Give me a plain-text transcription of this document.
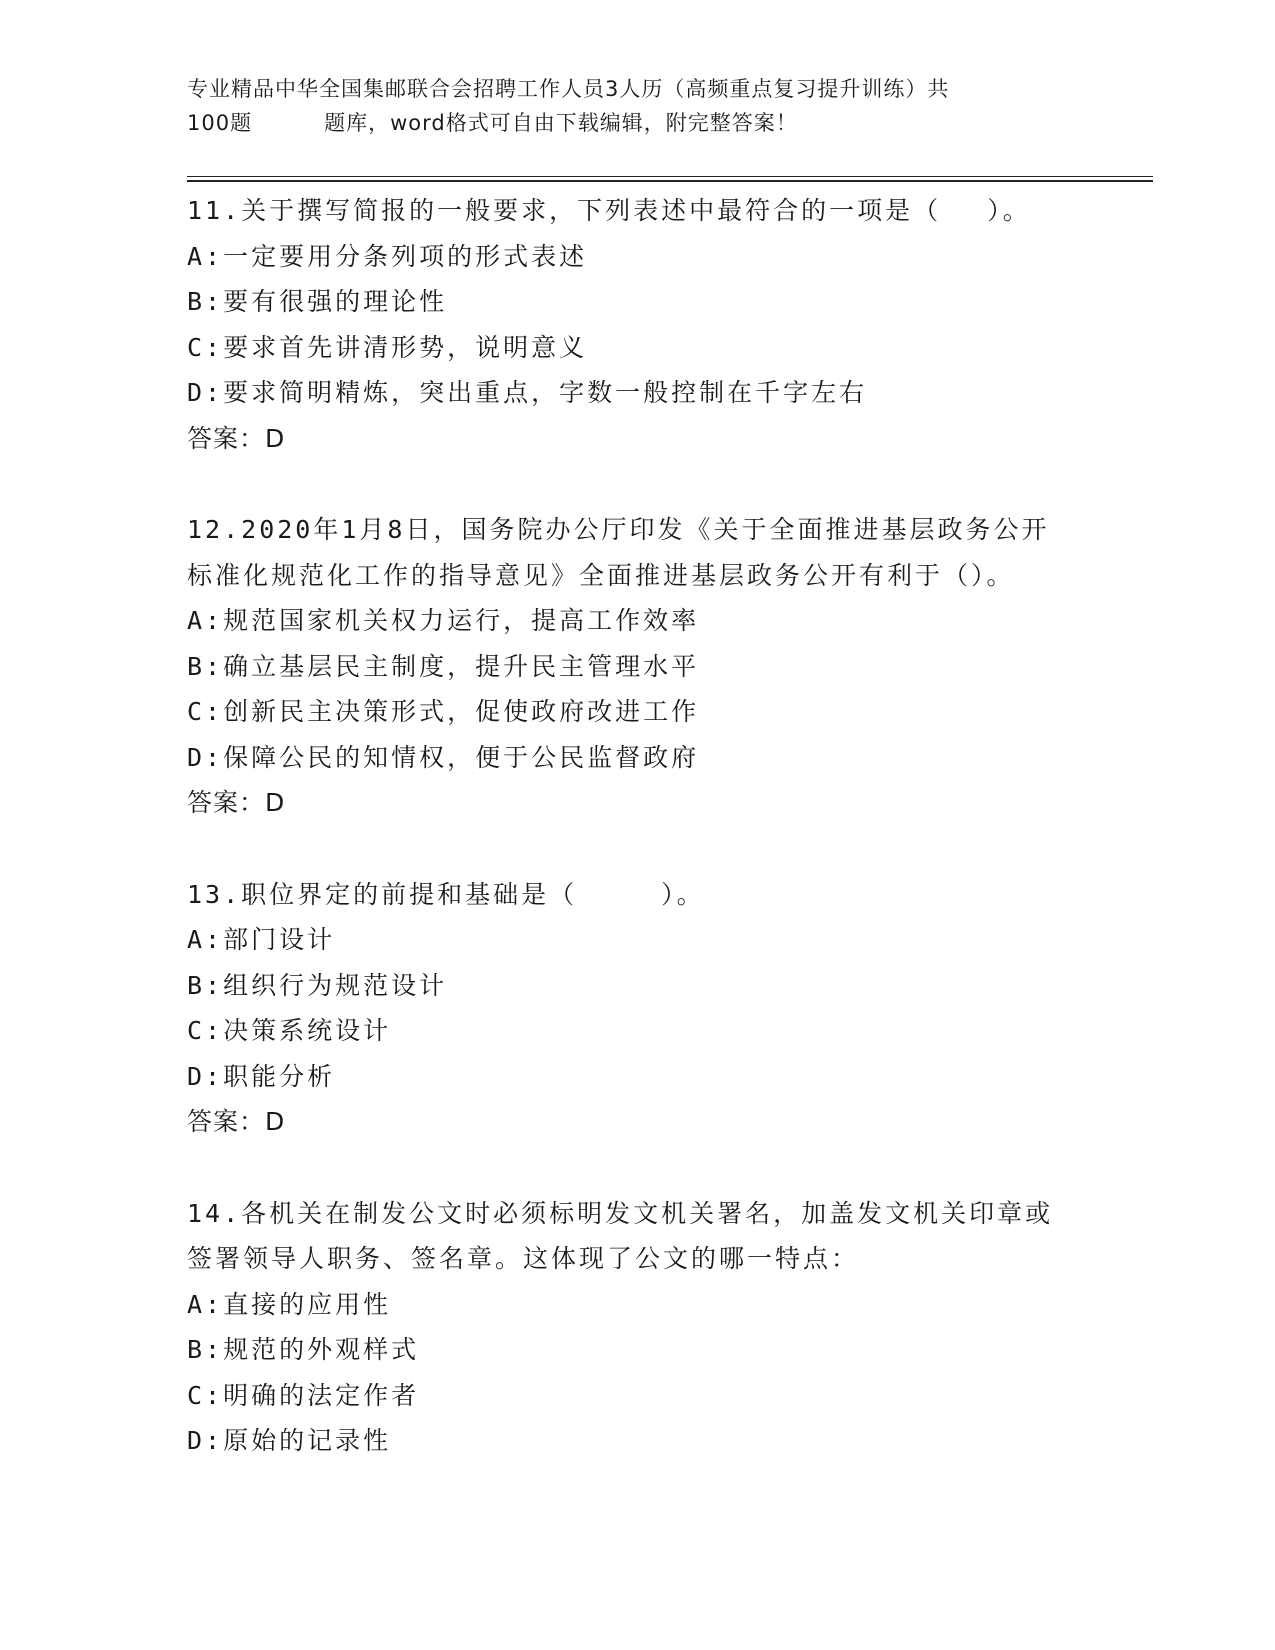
专业精品中华全国集邮联合会招聘工作人员3人历（高频重点复习提升训练）共
100题	题库，word格式可自由下载编辑，附完整答案！
11.关于撰写简报的一般要求，下列表述中最符合的一项是（　 ）。
A:一定要用分条列项的形式表述
B:要有很强的理论性
C:要求首先讲清形势，说明意义
D:要求简明精炼，突出重点，字数一般控制在千字左右
答案：D
12.2020年1月8日，国务院办公厅印发《关于全面推进基层政务公开
标准化规范化工作的指导意见》全面推进基层政务公开有利于（）。
A:规范国家机关权力运行，提高工作效率
B:确立基层民主制度，提升民主管理水平
C:创新民主决策形式，促使政府改进工作
D:保障公民的知情权，便于公民监督政府
答案：D
13.职位界定的前提和基础是（　　　）。
A:部门设计
B:组织行为规范设计
C:决策系统设计
D:职能分析
答案：D
14.各机关在制发公文时必须标明发文机关署名，加盖发文机关印章或
签署领导人职务、签名章。这体现了公文的哪一特点：
A:直接的应用性
B:规范的外观样式
C:明确的法定作者
D:原始的记录性
